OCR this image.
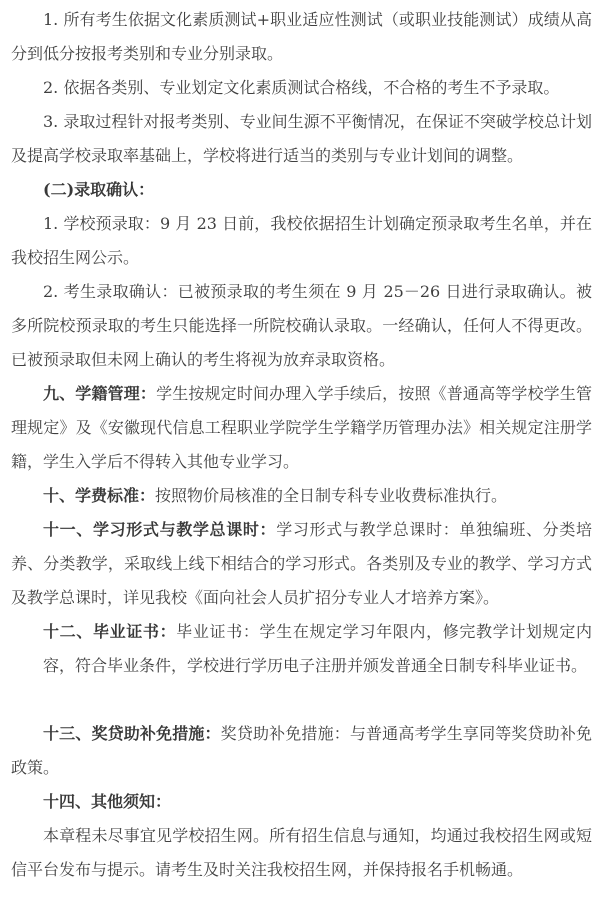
1. 所有考生依据文化素质测试+职业适应性测试（或职业技能测试）成绩从高分到低分按报考类别和专业分别录取。

2. 依据各类别、专业划定文化素质测试合格线，不合格的考生不予录取。

3. 录取过程针对报考类别、专业间生源不平衡情况，在保证不突破学校总计划及提高学校录取率基础上，学校将进行适当的类别与专业计划间的调整。

(二)录取确认：

1. 学校预录取：9 月 23 日前，我校依据招生计划确定预录取考生名单，并在我校招生网公示。

2. 考生录取确认：已被预录取的考生须在 9 月 25－26 日进行录取确认。被多所院校预录取的考生只能选择一所院校确认录取。一经确认，任何人不得更改。已被预录取但未网上确认的考生将视为放弃录取资格。

九、学籍管理：学生按规定时间办理入学手续后，按照《普通高等学校学生管理规定》及《安徽现代信息工程职业学院学生学籍学历管理办法》相关规定注册学籍，学生入学后不得转入其他专业学习。

十、学费标准：按照物价局核准的全日制专科专业收费标准执行。

十一、学习形式与教学总课时：学习形式与教学总课时：单独编班、分类培养、分类教学，采取线上线下相结合的学习形式。各类别及专业的教学、学习方式及教学总课时，详见我校《面向社会人员扩招分专业人才培养方案》。

十二、毕业证书：毕业证书：学生在规定学习年限内，修完教学计划规定内容，符合毕业条件，学校进行学历电子注册并颁发普通全日制专科毕业证书。

十三、奖贷助补免措施：奖贷助补免措施：与普通高考学生享同等奖贷助补免政策。

十四、其他须知：

本章程未尽事宜见学校招生网。所有招生信息与通知，均通过我校招生网或短信平台发布与提示。请考生及时关注我校招生网，并保持报名手机畅通。
